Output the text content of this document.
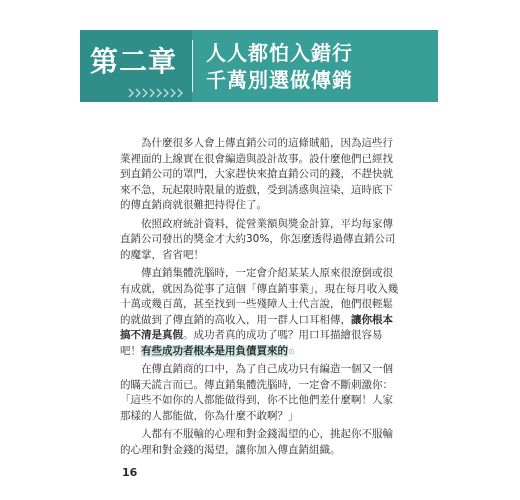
第二章 人人都怕入錯行
千萬別選做傳銷

為什麼很多人會上傳直銷公司的這條賊船，因為這些行業裡面的上線實在很會編造與設計故事。設什麼他們已經找到直銷公司的罩門，大家趕快來搶直銷公司的錢，不趕快就來不急，玩起限時限量的遊戲，受到誘惑與渲染，這時底下的傳直銷商就很難把持得住了。

依照政府統計資料，從營業額與獎金計算，平均每家傳直銷公司發出的獎金才大約30%，你怎麼透得過傳直銷公司的魔掌，省省吧！

傳直銷集體洗腦時，一定會介紹某某人原來很潦倒或很有成就，就因為從事了這個「傳直銷事業」，現在每月收入幾十萬或幾百萬，甚至找到一些殘障人士代言說，他們很輕鬆的就做到了傳直銷的高收入，用一群人口耳相傳，讓你根本搞不清是真假。成功者真的成功了嗎？用口耳描繪很容易吧！有些成功者根本是用負債買來的⊙

在傳直銷商的口中，為了自己成功只有編造一個又一個的瞞天謊言而已。傳直銷集體洗腦時，一定會不斷刺激你：「這些不如你的人都能做得到，你不比他們差什麼啊！人家那樣的人都能做，你為什麼不敢啊？」

人都有不服輸的心理和對金錢渴望的心，挑起你不服輸的心理和對金錢的渴望，讓你加入傳直銷組織。

16
